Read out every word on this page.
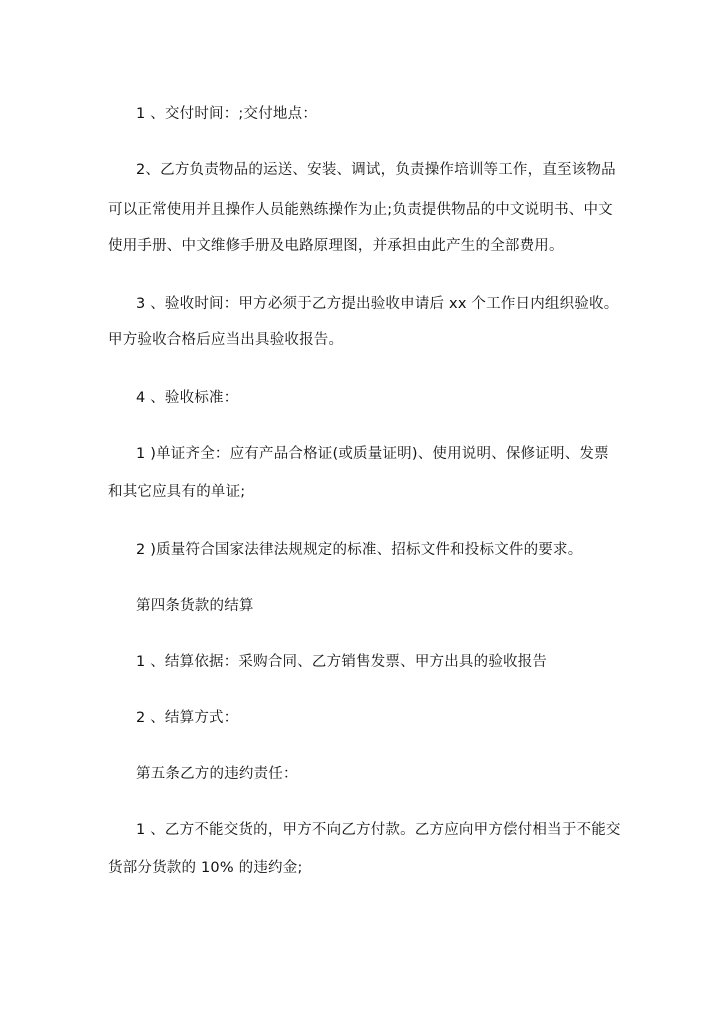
1 、交付时间：;交付地点：
2、乙方负责物品的运送、安装、调试，负责操作培训等工作，直至该物品
可以正常使用并且操作人员能熟练操作为止;负责提供物品的中文说明书、中文
使用手册、中文维修手册及电路原理图，并承担由此产生的全部费用。
3 、验收时间：甲方必须于乙方提出验收申请后 xx 个工作日内组织验收。
甲方验收合格后应当出具验收报告。
4 、验收标准：
1 )单证齐全：应有产品合格证(或质量证明)、使用说明、保修证明、发票
和其它应具有的单证;
2 )质量符合国家法律法规规定的标准、招标文件和投标文件的要求。
第四条货款的结算
1 、结算依据：采购合同、乙方销售发票、甲方出具的验收报告
2 、结算方式：
第五条乙方的违约责任：
1 、乙方不能交货的，甲方不向乙方付款。乙方应向甲方偿付相当于不能交
货部分货款的 10% 的违约金;
